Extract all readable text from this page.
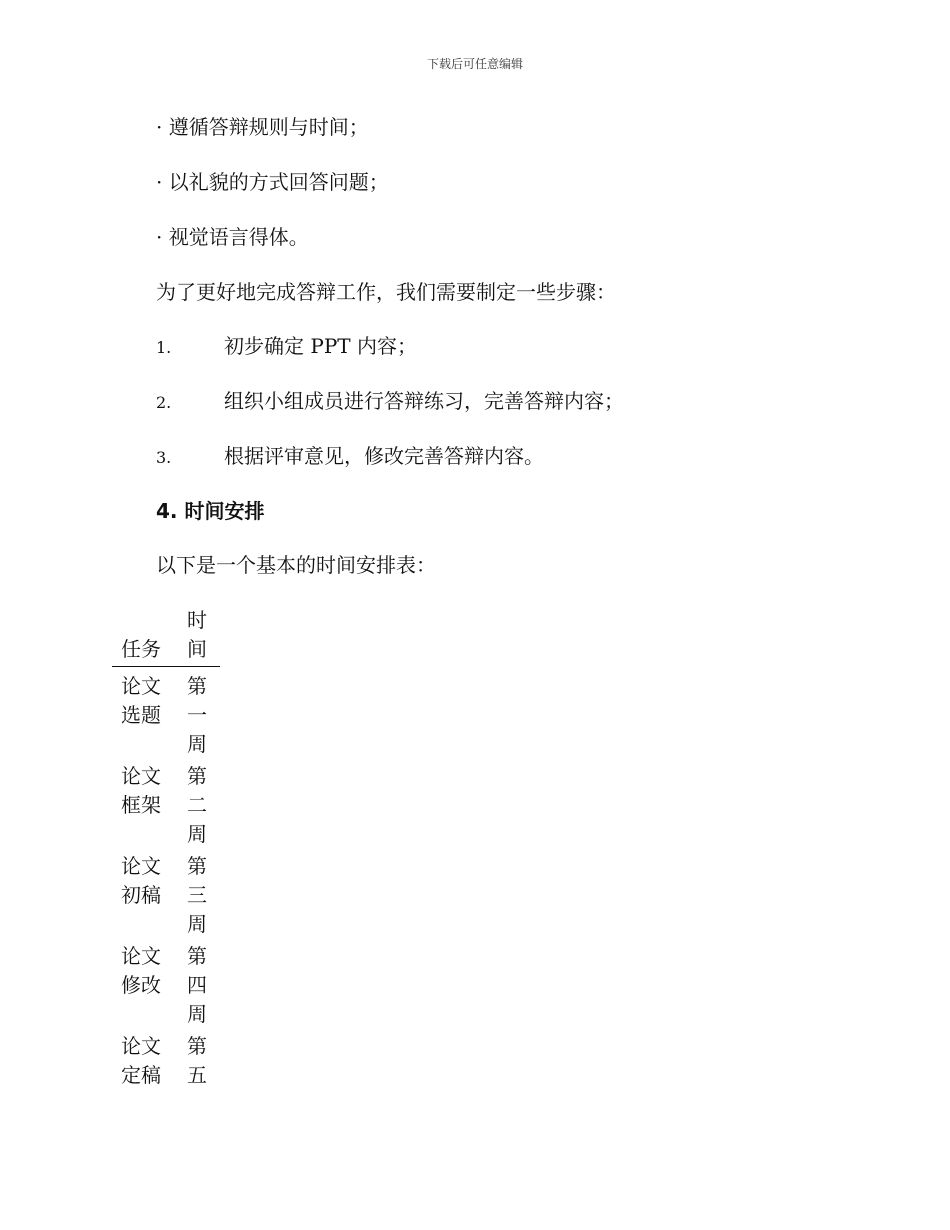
下载后可任意编辑
· 遵循答辩规则与时间；
· 以礼貌的方式回答问题；
· 视觉语言得体。
为了更好地完成答辩工作，我们需要制定一些步骤：
1.	初步确定 PPT 内容；
2.	组织小组成员进行答辩练习，完善答辩内容；
3.	根据评审意见，修改完善答辩内容。
4. 时间安排
以下是一个基本的时间安排表：
任务	时间
论文选题	第一周
论文框架	第二周
论文初稿	第三周
论文修改	第四周
论文定稿	第五
